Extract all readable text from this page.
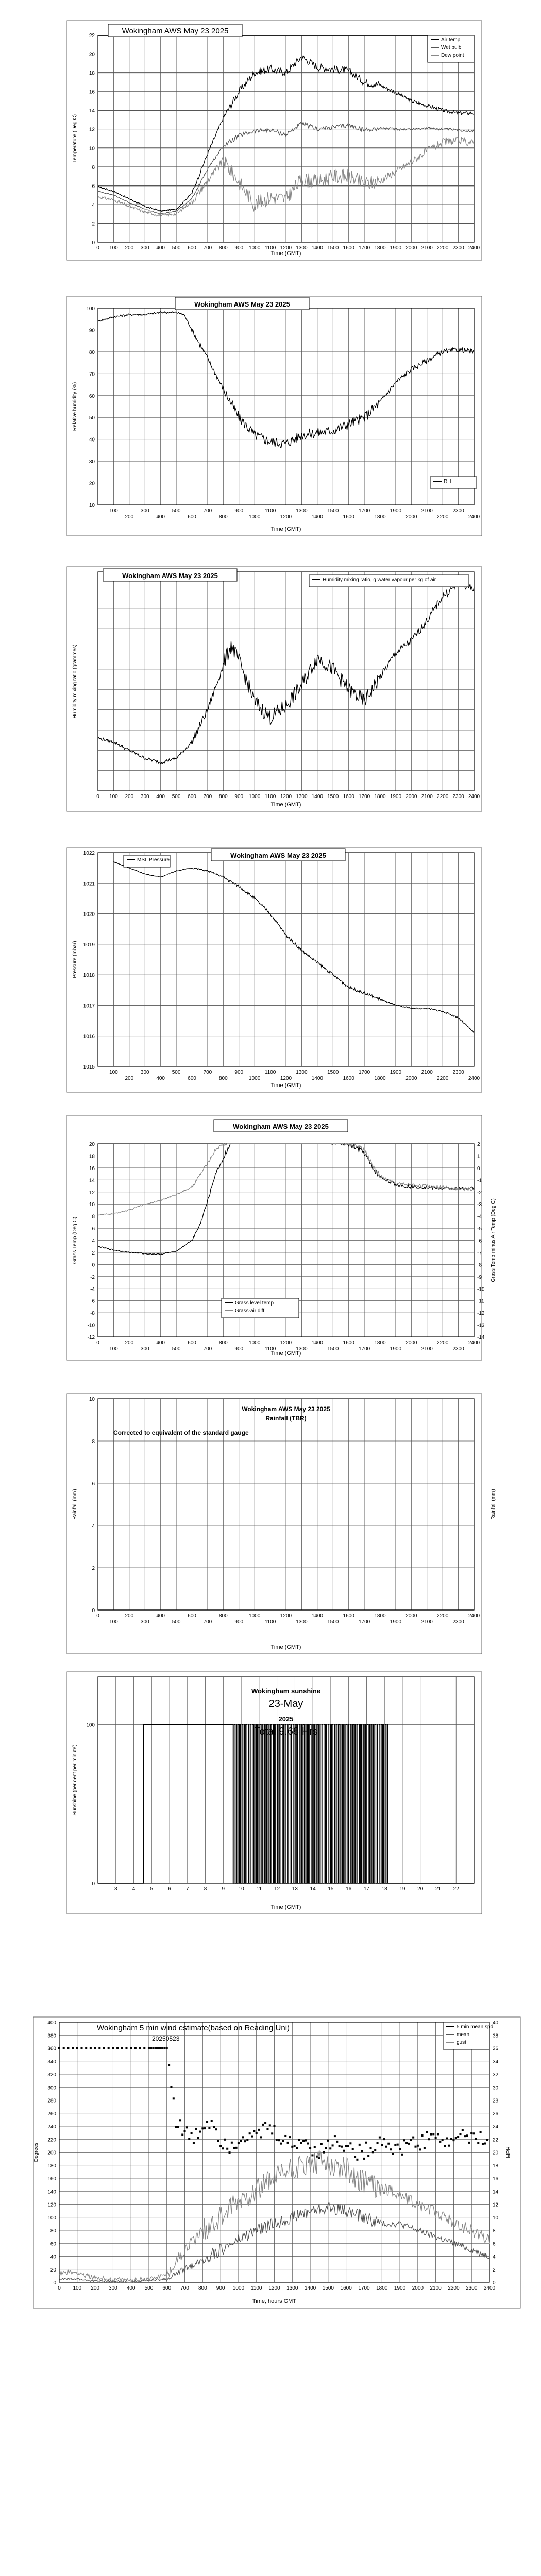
0 100 200 300 400 500 600 700 800 900 1000 1100 1200 1300 1400 1500 1600 1700 1800 1900 2000 2100 2200 2300 2400
0
2
4
6
8
10
12
14
16
18
20
22
Time (GMT)
Temperature (Deg C)
Wokingham AWS May 23 2025
Air temp
Wet bulb
Dew point
100
200
300
400
500
600
700
800
900
1000
1100
1200
1300
1400
1500
1600
1700
1800
1900
2000
2100
2200
2300
2400
10
20
30
40
50
60
70
80
90
100
Time (GMT)
Relative humidity (%)
Wokingham AWS May 23 2025
RH
0 100 200 300 400 500 600 700 800 900 1000 1100 1200 1300 1400 1500 1600 1700 1800 1900 2000 2100 2200 2300 2400
Time (GMT)
Humidity mixing ratio (grammes)
Wokingham AWS May 23 2025
Humidity mixing ratio, g water vapour per kg of air
100
200
300
400
500
600
700
800
900
1000
1100
1200
1300
1400
1500
1600
1700
1800
1900
2000
2100
2200
2300
2400
1015
1016
1017
1018
1019
1020
1021
1022
Time (GMT)
Pressure (mbar)
Wokingham AWS May 23 2025
MSL Pressure
0
100
200
300
400
500
600
700
800
900
1000
1100
1200
1300
1400
1500
1600
1700
1800
1900
2000
2100
2200
2300
2400
-12
-10
-8
-6
-4
-2
0
2
4
6
8
10
12
14
16
18
20
-14
-13
-12
-11
-10
-9
-8
-7
-6
-5
-4
-3
-2
-1
0
1
2
Time (GMT)
Grass Temp (Deg C)	Grass Temp minus Air Temp (Deg C)
Wokingham AWS May 23 2025
Grass level temp
Grass-air diff
0
100
200
300
400
500
600
700
800
900
1000
1100
1200
1300
1400
1500
1600
1700
1800
1900
2000
2100
2200
2300
2400
0
2
4
6
8
10
Time (GMT)
Rainfall (mm)	Rainfall (mm)
Wokingham AWS May 23 2025
Rainfall (TBR)
Corrected to equivalent of the standard gauge
3	4	5	6	7	8	9	10 11 12 13 14 15 16 17 18 19 20 21 22
0
100
Time (GMT)
Sunshine (per cent per minute)
Wokingham sunshine
23-May
2025
Total 9.68 Hrs
0 100 200 300 400 500 600 700 800 900 1000 1100 1200 1300 1400 1500 1600 1700 1800 1900 2000 2100 2200 2300 2400
0
20
40
60
80
100
120
140
160
180
200
220
240
260
280
300
320
340
360
380
400
0
2
4
6
8
10
12
14
16
18
20
22
24
26
28
30
32
34
36
38
40
Time, hours GMT
Degrees	MPH
Wokingham 5 min wind estimate(based on Reading Uni)
20250523
5 min mean spd
mean
gust
